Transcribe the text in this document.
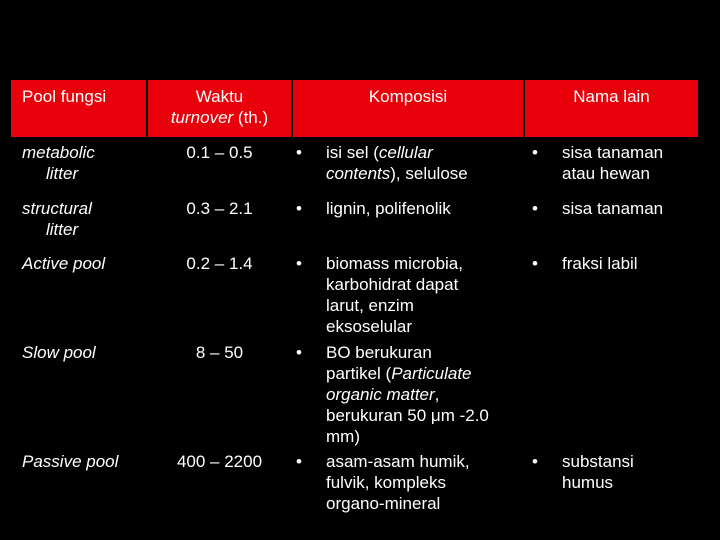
Pool fungsi	Waktu
turnover (th.)
Komposisi	Nama lain
metabolic
litter
structural
litter
Active pool
Slow pool
Passive pool
0.1 – 0.5
0.3 – 2.1
0.2 – 1.4
8 – 50
400 – 2200
• isi sel (cellular
contents), selulose
• lignin, polifenolik
• biomass microbia,
karbohidrat dapat
larut, enzim
eksoselular
• BO berukuran
partikel (Particulate
organic matter,
berukuran 50 μm -2.0
mm)
• asam-asam humik,
fulvik, kompleks
organo-mineral
• sisa tanaman
atau hewan
• sisa tanaman
• fraksi labil
• substansi
humus
